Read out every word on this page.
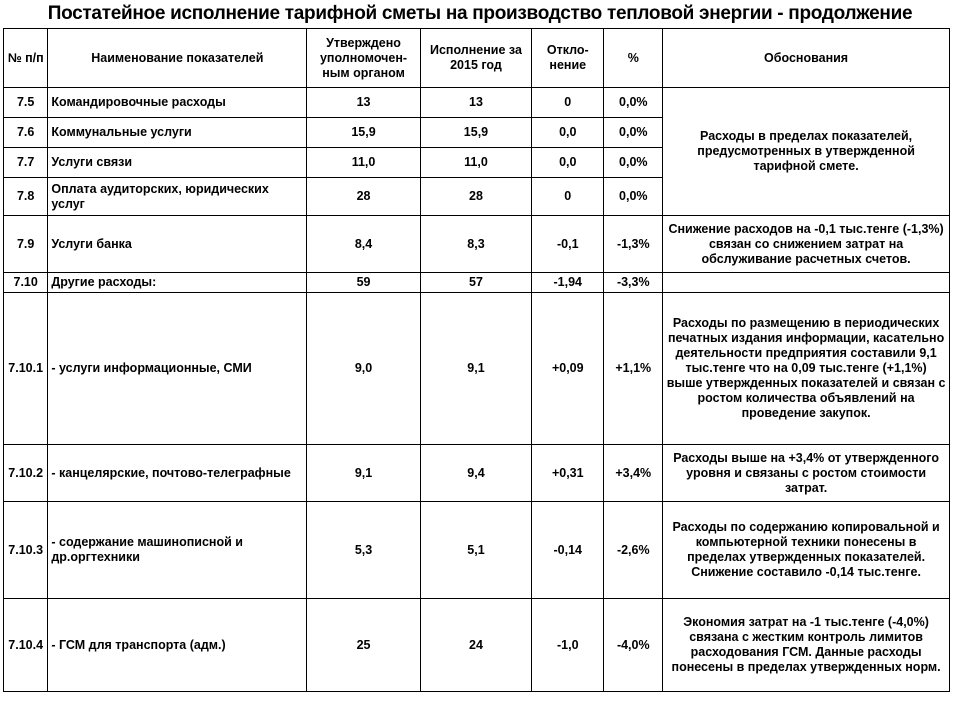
Постатейное исполнение тарифной сметы на производство тепловой энергии - продолжение
№ п/п	Наименование показателей	Утверждено уполномочен-ным органом	Исполнение за 2015 год	Откло-нение	%	Обоснования
7.5	Командировочные расходы	13	13	0	0,0%	Расходы в пределах показателей, предусмотренных в утвержденной тарифной смете.
7.6	Коммунальные услуги	15,9	15,9	0,0	0,0%	
7.7	Услуги связи	11,0	11,0	0,0	0,0%	
7.8	Оплата аудиторских, юридических услуг	28	28	0	0,0%	
7.9	Услуги банка	8,4	8,3	-0,1	-1,3%	Снижение расходов на -0,1 тыс.тенге (-1,3%) связан со снижением затрат на обслуживание расчетных счетов.
7.10	Другие расходы:	59	57	-1,94	-3,3%	
7.10.1	- услуги информационные, СМИ	9,0	9,1	+0,09	+1,1%	Расходы по размещению в периодических печатных издания информации, касательно деятельности предприятия составили 9,1 тыс.тенге что на 0,09 тыс.тенге (+1,1%) выше утвержденных показателей и связан с ростом количества объявлений на проведение закупок.
7.10.2	- канцелярские, почтово-телеграфные	9,1	9,4	+0,31	+3,4%	Расходы выше на +3,4% от утвержденного уровня и связаны с ростом стоимости затрат.
7.10.3	- содержание машинописной и др.оргтехники	5,3	5,1	-0,14	-2,6%	Расходы по содержанию копировальной и компьютерной техники понесены в пределах утвержденных показателей. Снижение составило -0,14 тыс.тенге.
7.10.4	- ГСМ для транспорта (адм.)	25	24	-1,0	-4,0%	Экономия затрат на -1 тыс.тенге (-4,0%) связана с жестким контроль лимитов расходования ГСМ. Данные расходы понесены в пределах утвержденных норм.
